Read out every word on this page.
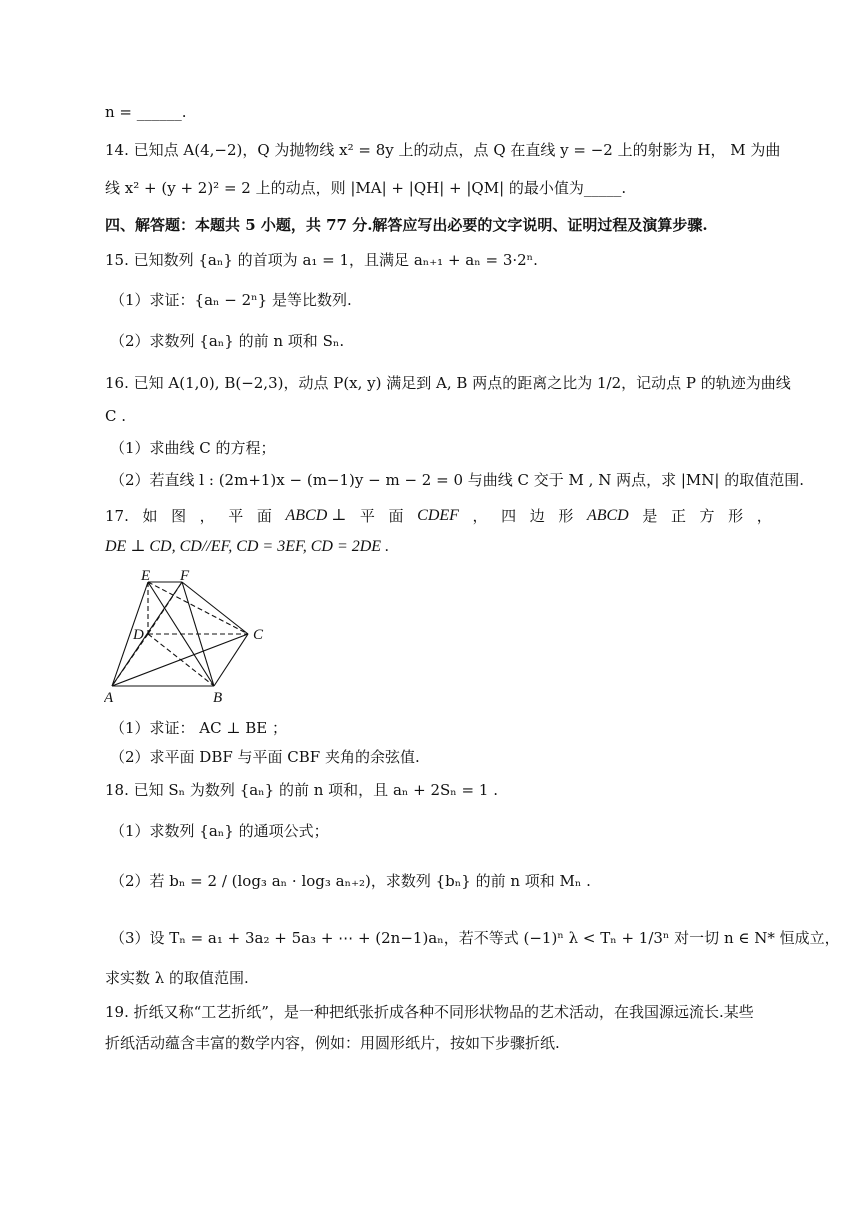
n = ______.
14. 已知点 A(4,−2)，Q 为抛物线 x² = 8y 上的动点，点 Q 在直线 y = −2 上的射影为 H， M 为曲
线 x² + (y + 2)² = 2 上的动点，则 |MA| + |QH| + |QM| 的最小值为_____.
四、解答题：本题共 5 小题，共 77 分.解答应写出必要的文字说明、证明过程及演算步骤.
15. 已知数列 {aₙ} 的首项为 a₁ = 1，且满足 aₙ₊₁ + aₙ = 3·2ⁿ.
（1）求证：{aₙ − 2ⁿ} 是等比数列.
（2）求数列 {aₙ} 的前 n 项和 Sₙ.
16. 已知 A(1,0), B(−2,3)，动点 P(x, y) 满足到 A, B 两点的距离之比为 1/2，记动点 P 的轨迹为曲线
C .
（1）求曲线 C 的方程；
（2）若直线 l : (2m+1)x − (m−1)y − m − 2 = 0 与曲线 C 交于 M , N 两点，求 |MN| 的取值范围.
17. 如 图 ， 平 面 ABCD ⊥ 平 面 CDEF ， 四 边 形 ABCD 是 正 方 形 ，
DE ⊥ CD, CD//EF, CD = 3EF, CD = 2DE .
E F
D	C
A	B
（1）求证： AC ⊥ BE ；
（2）求平面 DBF 与平面 CBF 夹角的余弦值.
18. 已知 Sₙ 为数列 {aₙ} 的前 n 项和，且 aₙ + 2Sₙ = 1 .
（1）求数列 {aₙ} 的通项公式；
（2）若 bₙ = 2 / (log₃ aₙ · log₃ aₙ₊₂)，求数列 {bₙ} 的前 n 项和 Mₙ .
（3）设 Tₙ = a₁ + 3a₂ + 5a₃ + ⋯ + (2n−1)aₙ，若不等式 (−1)ⁿ λ < Tₙ + 1/3ⁿ 对一切 n ∈ N* 恒成立，
求实数 λ 的取值范围.
19. 折纸又称“工艺折纸”，是一种把纸张折成各种不同形状物品的艺术活动，在我国源远流长.某些
折纸活动蕴含丰富的数学内容，例如：用圆形纸片，按如下步骤折纸.
